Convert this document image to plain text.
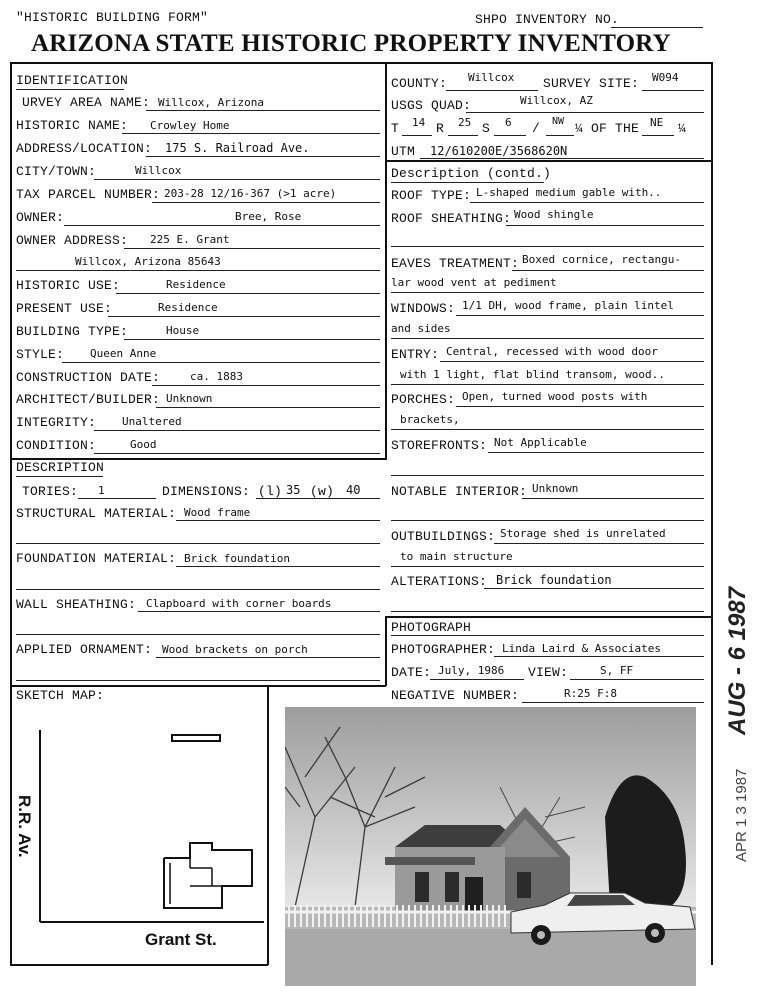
"HISTORIC BUILDING FORM"	SHPO INVENTORY NO.
ARIZONA STATE HISTORIC PROPERTY INVENTORY
IDENTIFICATION
URVEY AREA NAME: Willcox, Arizona
HISTORIC NAME: Crowley Home
ADDRESS/LOCATION: 175 S. Railroad Ave.
CITY/TOWN:	Willcox
TAX PARCEL NUMBER: 203-28 12/16-367 (>1 acre)
OWNER:	Bree, Rose
OWNER ADDRESS: 225 E. Grant
Willcox, Arizona 85643
HISTORIC USE:	Residence
PRESENT USE:	Residence
BUILDING TYPE:	House
STYLE: Queen Anne
CONSTRUCTION DATE:	ca. 1883
ARCHITECT/BUILDER: Unknown
INTEGRITY: Unaltered
CONDITION:	Good
COUNTY: Willcox SURVEY SITE: W094
USGS QUAD:	Willcox, AZ
T 14 R 25 S 6 / NW ¼ OF THE NE ¼
UTM 12/610200E/3568620N
Description (contd.)
ROOF TYPE: L-shaped medium gable with..
ROOF SHEATHING: Wood shingle
EAVES TREATMENT: Boxed cornice, rectangu-
lar wood vent at pediment
WINDOWS: 1/1 DH, wood frame, plain lintel
and sides
ENTRY: Central, recessed with wood door
with 1 light, flat blind transom, wood..
PORCHES: Open, turned wood posts with
brackets,
STOREFRONTS: Not Applicable
NOTABLE INTERIOR: Unknown
OUTBUILDINGS: Storage shed is unrelated
to main structure
ALTERATIONS: Brick foundation
DESCRIPTION
TORIES: 1	DIMENSIONS: (l) 35 (w) 40
STRUCTURAL MATERIAL: Wood frame
FOUNDATION MATERIAL: Brick foundation
WALL SHEATHING: Clapboard with corner boards
APPLIED ORNAMENT: Wood brackets on porch
PHOTOGRAPH
PHOTOGRAPHER: Linda Laird & Associates
DATE: July, 1986 VIEW:	S, FF
NEGATIVE NUMBER:	R:25 F:8
SKETCH MAP:
R.R. Av.
Grant St.
AUG - 6 1987
APR 1 3 1987
